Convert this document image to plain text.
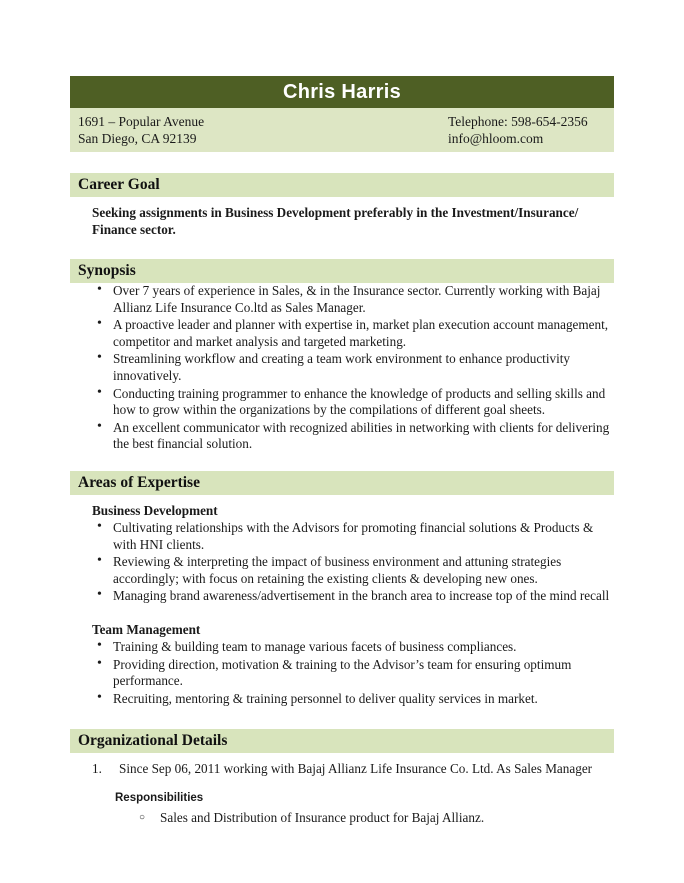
Chris Harris
1691 – Popular Avenue
San Diego, CA 92139
Telephone: 598-654-2356
info@hloom.com
Career Goal

Seeking assignments in Business Development preferably in the Investment/Insurance/ Finance sector.

Synopsis
• Over 7 years of experience in Sales, & in the Insurance sector. Currently working with Bajaj Allianz Life Insurance Co.ltd as Sales Manager.
• A proactive leader and planner with expertise in, market plan execution account management, competitor and market analysis and targeted marketing.
• Streamlining workflow and creating a team work environment to enhance productivity innovatively.
• Conducting training programmer to enhance the knowledge of products and selling skills and how to grow within the organizations by the compilations of different goal sheets.
• An excellent communicator with recognized abilities in networking with clients for delivering the best financial solution.
Areas of Expertise

Business Development

• Cultivating relationships with the Advisors for promoting financial solutions & Products & with HNI clients.
• Reviewing & interpreting the impact of business environment and attuning strategies accordingly; with focus on retaining the existing clients & developing new ones.
• Managing brand awareness/advertisement in the branch area to increase top of the mind recall

Team Management

• Training & building team to manage various facets of business compliances.
• Providing direction, motivation & training to the Advisor’s team for ensuring optimum performance.
• Recruiting, mentoring & training personnel to deliver quality services in market.
Organizational Details
1. Since Sep 06, 2011 working with Bajaj Allianz Life Insurance Co. Ltd. As Sales Manager

Responsibilities

○ Sales and Distribution of Insurance product for Bajaj Allianz.
